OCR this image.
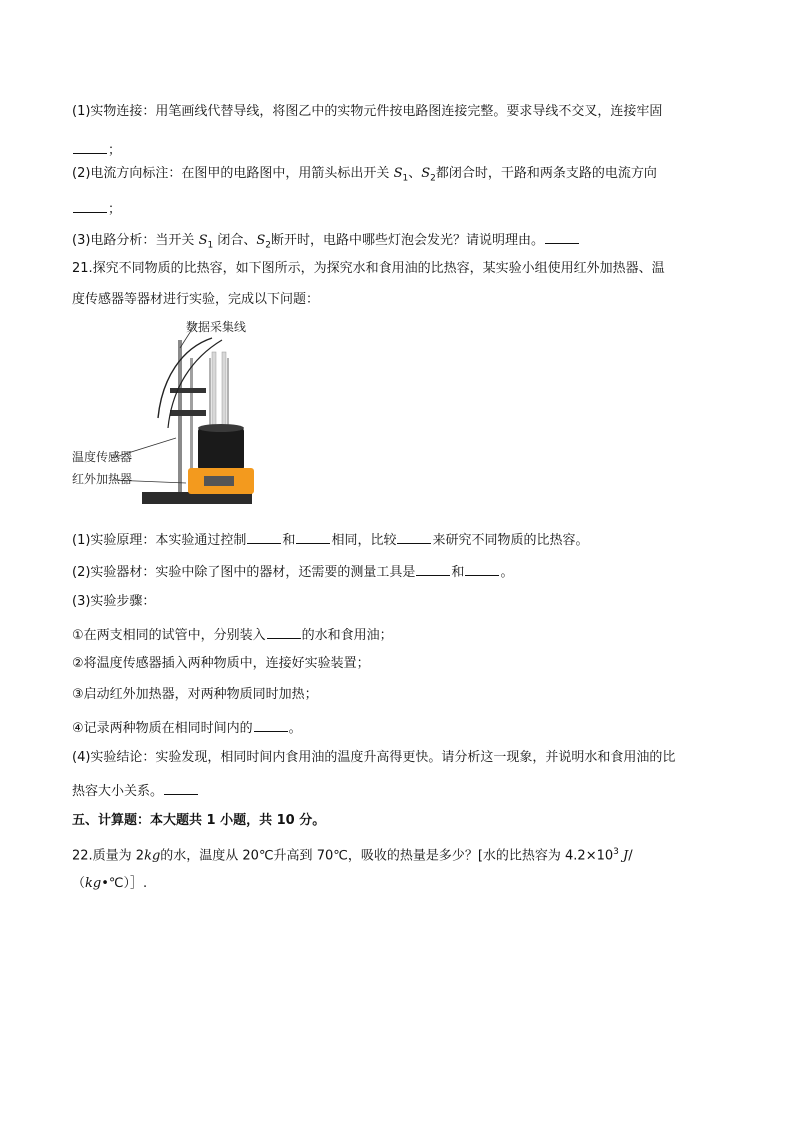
(1)实物连接：用笔画线代替导线，将图乙中的实物元件按电路图连接完整。要求导线不交叉，连接牢固
；
(2)电流方向标注：在图甲的电路图中，用箭头标出开关 $S_1$、$S_2$都闭合时，干路和两条支路的电流方向
；
(3)电路分析：当开关 $S_1$ 闭合、$S_2$断开时，电路中哪些灯泡会发光？请说明理由。
21.探究不同物质的比热容，如下图所示，为探究水和食用油的比热容，某实验小组使用红外加热器、温
度传感器等器材进行实验，完成以下问题：
数据采集线
温度传感器
红外加热器
(1)实验原理：本实验通过控制	和	相同，比较	来研究不同物质的比热容。
(2)实验器材：实验中除了图中的器材，还需要的测量工具是	和	。
(3)实验步骤：
①在两支相同的试管中，分别装入	的水和食用油；
②将温度传感器插入两种物质中，连接好实验装置；
③启动红外加热器，对两种物质同时加热；
④记录两种物质在相同时间内的	。
(4)实验结论：实验发现，相同时间内食用油的温度升高得更快。请分析这一现象，并说明水和食用油的比
热容大小关系。
五、计算题：本大题共 1 小题，共 10 分。
22.质量为 2kg的水，温度从 20℃升高到 70℃，吸收的热量是多少？[水的比热容为 $4.2\times 10^3$ J/
（kg•℃）］.
